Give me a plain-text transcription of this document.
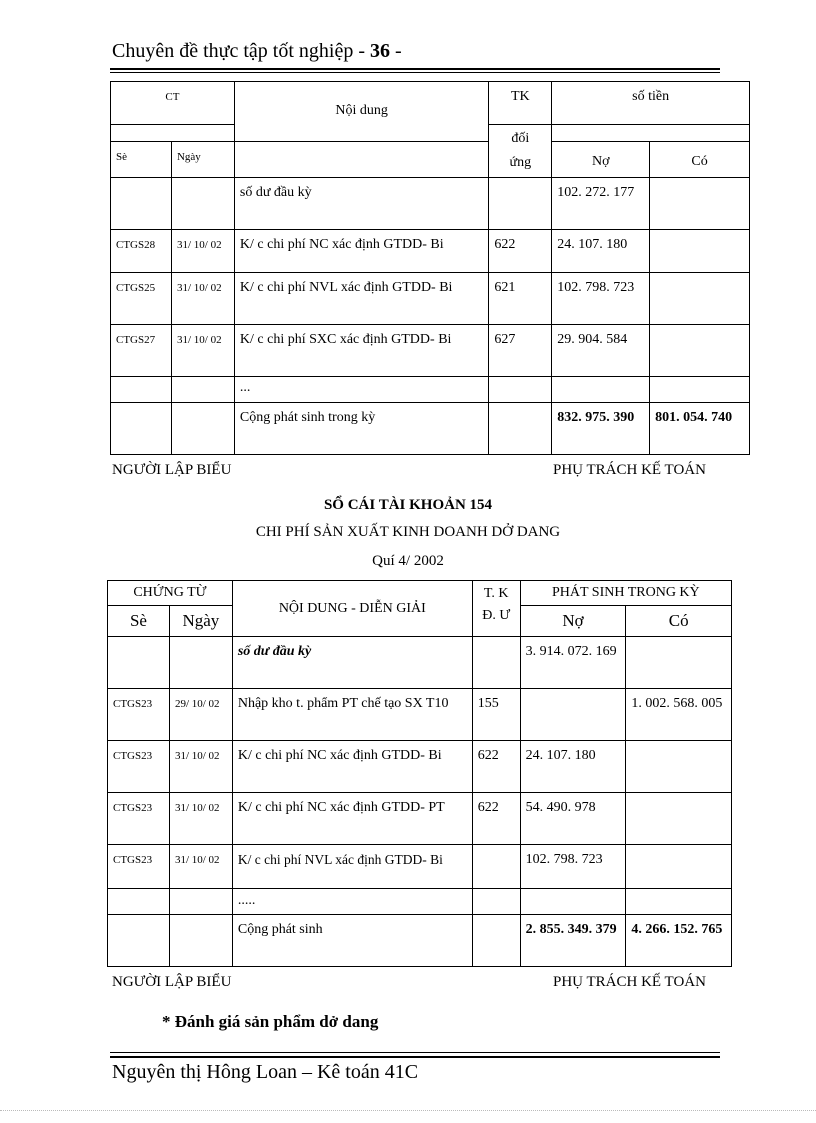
Chuyên đề thực tập tốt nghiệp - 36 -
CT		Nội dung	TK	số tiền	
			đối
ứng		
Sè	Ngày			Nợ	Có
		số dư đầu kỳ		102. 272. 177	
CTGS28	31/ 10/ 02	K/ c chi phí NC xác định GTDD- Bi	622	24. 107. 180	
CTGS25	31/ 10/ 02	K/ c chi phí NVL xác định GTDD- Bi	621	102. 798. 723	
CTGS27	31/ 10/ 02	K/ c chi phí SXC xác định GTDD- Bi	627	29. 904. 584	
		...			
		Cộng phát sinh trong kỳ		832. 975. 390	801. 054. 740
NGƯỜI LẬP BIỂU	PHỤ TRÁCH KẾ TOÁN
SỔ CÁI TÀI KHOẢN 154
CHI PHÍ SẢN XUẤT KINH DOANH DỞ DANG
Quí 4/ 2002
CHỨNG TỪ		NỘI DUNG - DIỄN GIẢI	T. K Đ. Ư	PHÁT SINH TRONG KỲ	
Sè	Ngày			Nợ	Có
		số dư đầu kỳ		3. 914. 072. 169	
CTGS23	29/ 10/ 02	Nhập kho t. phẩm PT chế tạo SX T10	155		1. 002. 568. 005
CTGS23	31/ 10/ 02	K/ c chi phí NC xác định GTDD- Bi	622	24. 107. 180	
CTGS23	31/ 10/ 02	K/ c chi phí NC xác định GTDD- PT	622	54. 490. 978	
CTGS23	31/ 10/ 02	K/ c chi phí NVL xác định GTDD- Bi		102. 798. 723	
		.....			
		Cộng phát sinh		2. 855. 349. 379	4. 266. 152. 765
NGƯỜI LẬP BIỂU	PHỤ TRÁCH KẾ TOÁN
* Đánh giá sản phẩm dở dang
Nguyên thị Hông Loan – Kê toán 41C
